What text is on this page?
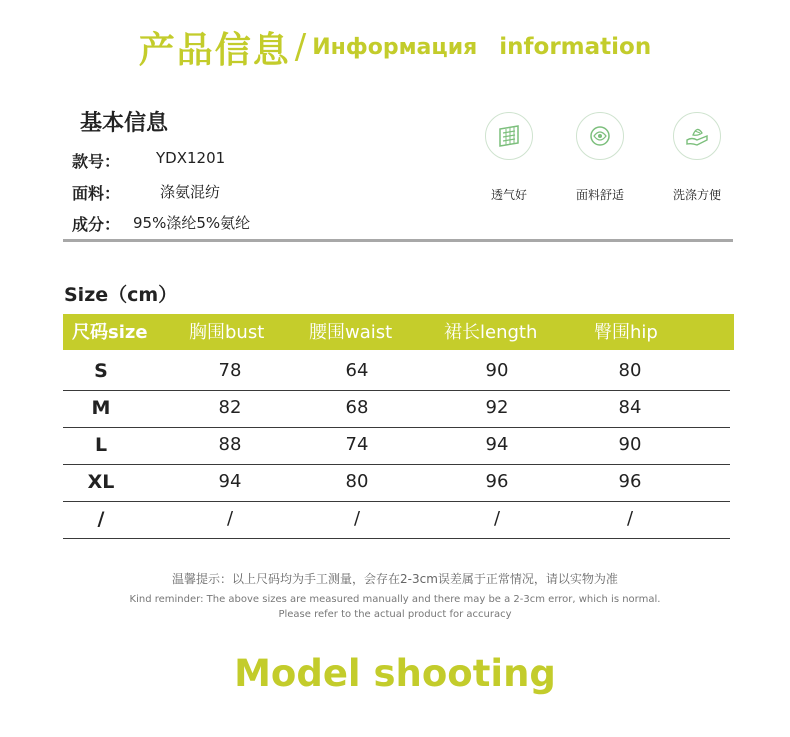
产品信息 / Информация information
基本信息
款号： YDX1201
面料：	涤氨混纺
成分： 95%涤纶5%氨纶
透气好	面料舒适	洗涤方便
Size（cm）
尺码size 胸围bust 腰围waist	裙长length	臀围hip
S	78	64	90	80
M	82	68	92	84
L	88	74	94	90
XL	94	80	96	96
/	/	/	/	/
温馨提示：以上尺码均为手工测量，会存在2-3cm误差属于正常情况，请以实物为准
Kind reminder: The above sizes are measured manually and there may be a 2-3cm error, which is normal.
Please refer to the actual product for accuracy
Model shooting
